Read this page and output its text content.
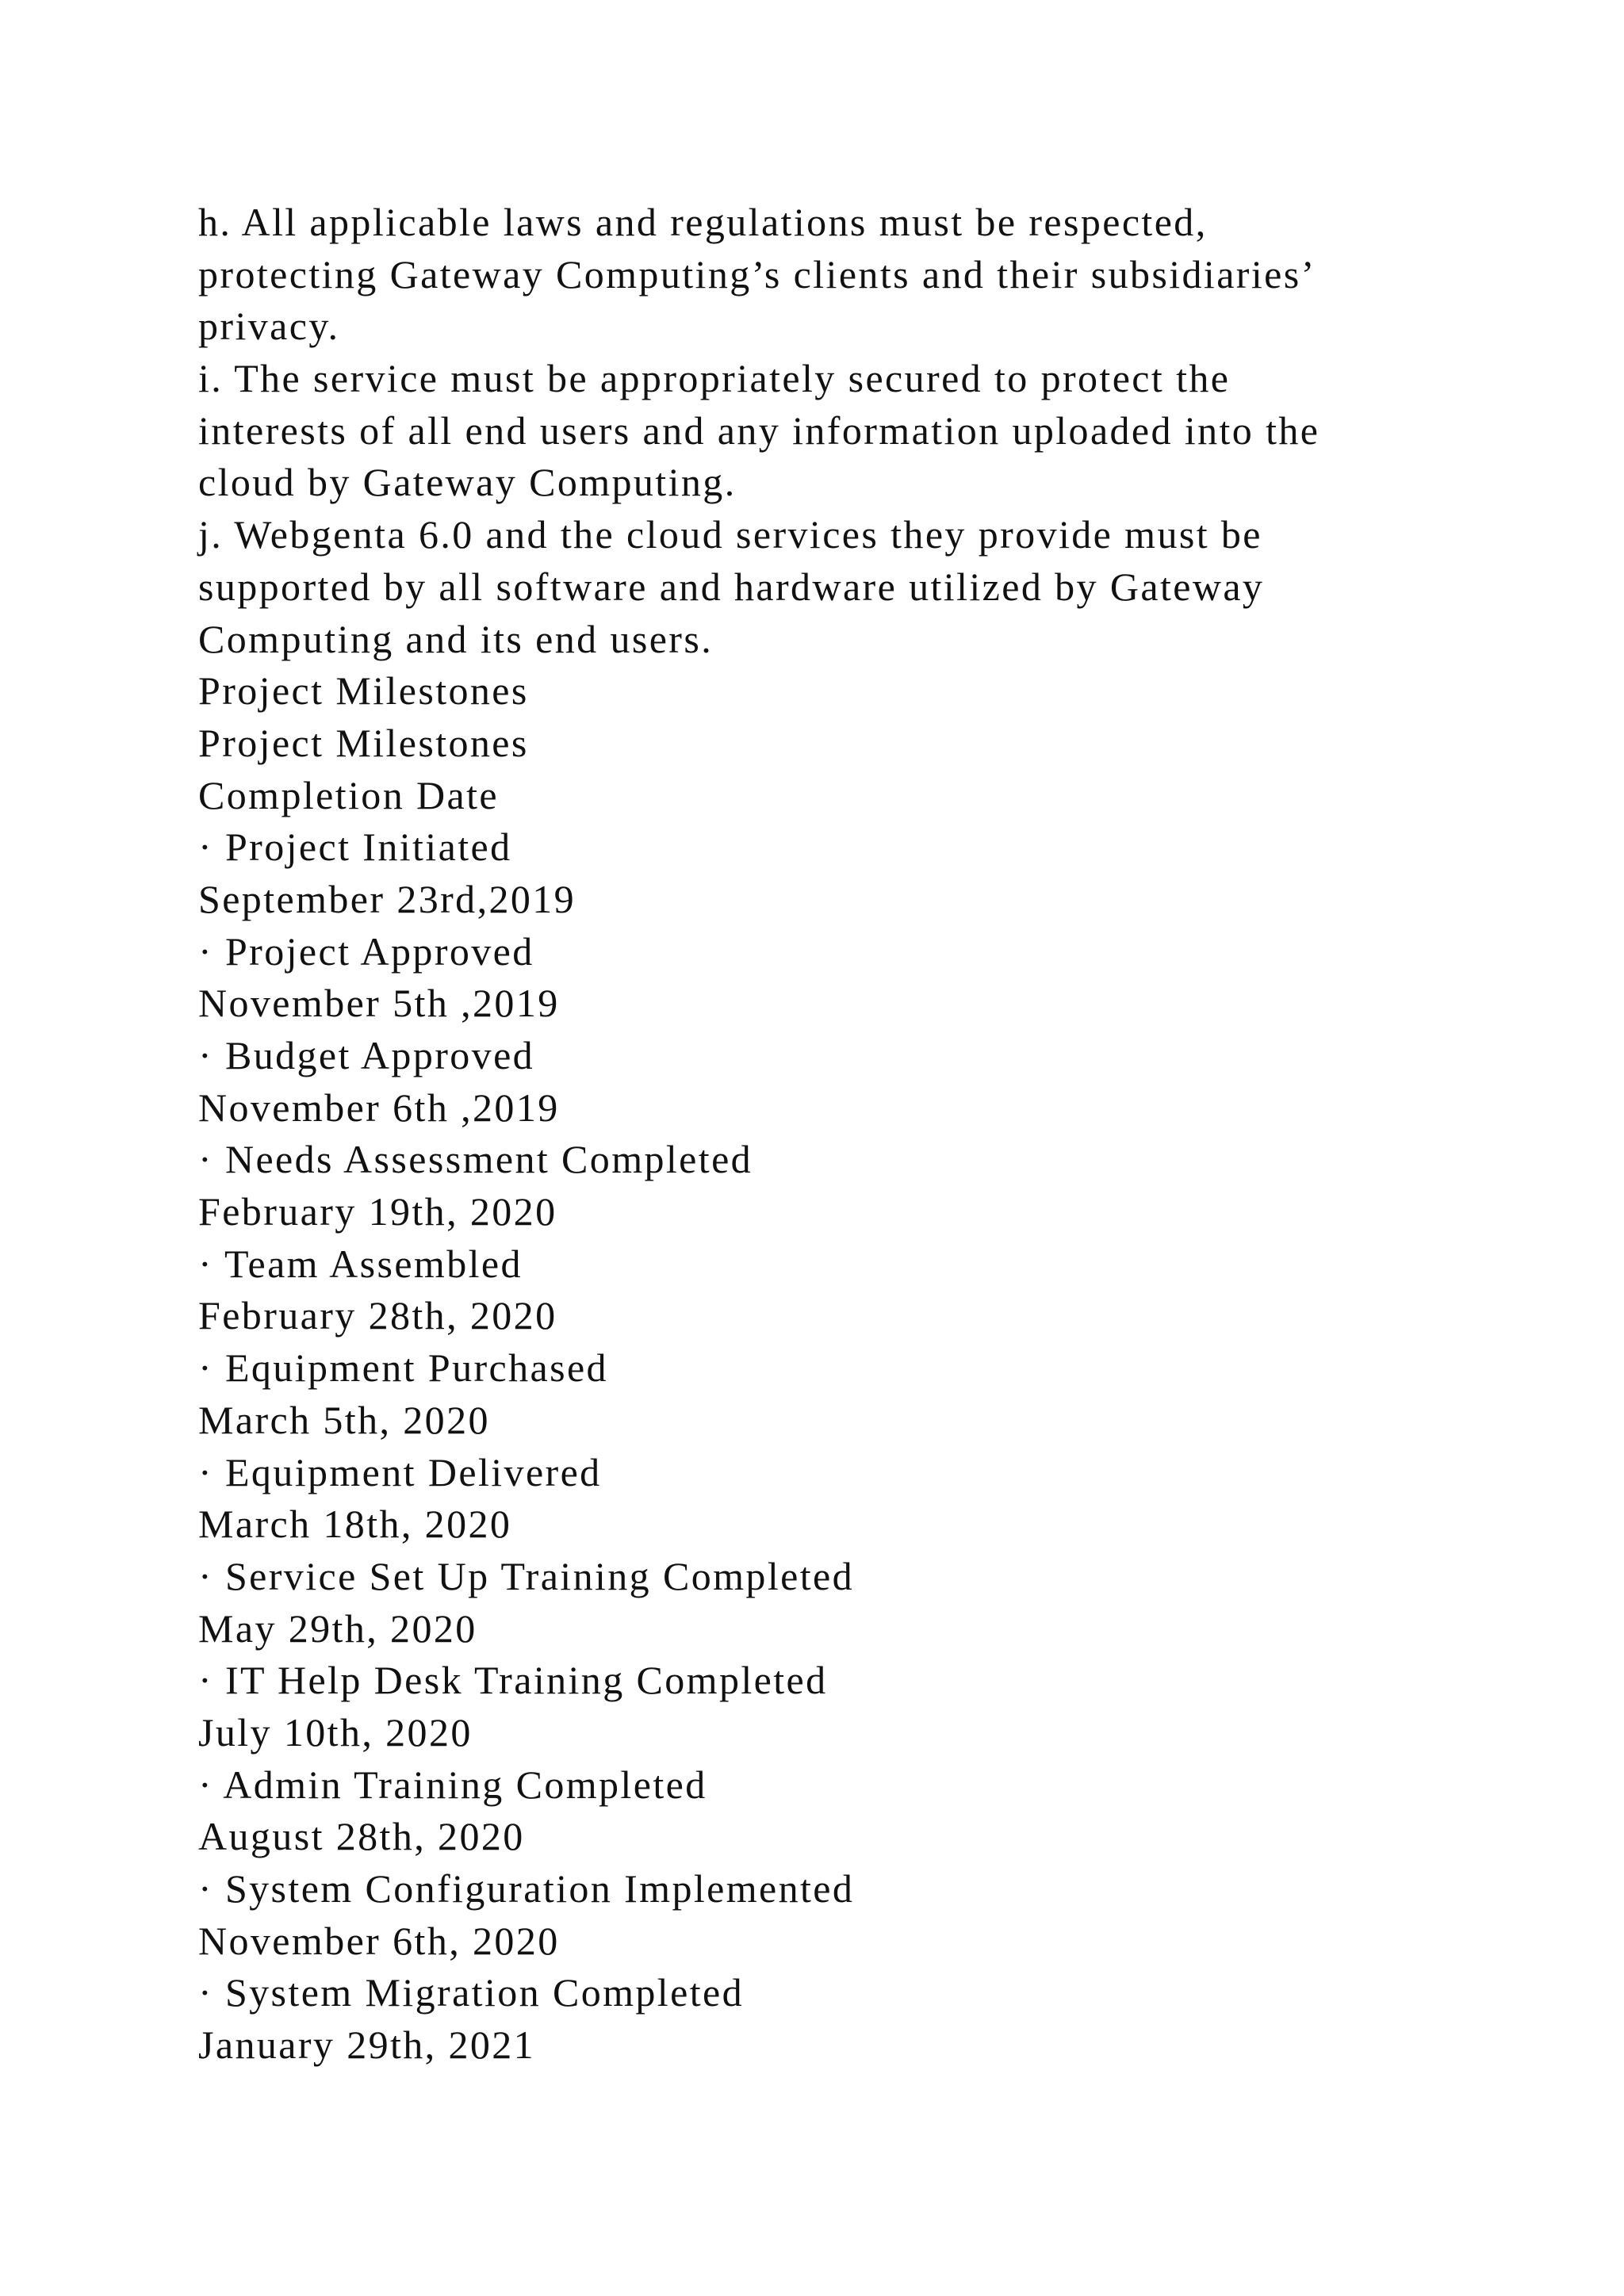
h. All applicable laws and regulations must be respected,
protecting Gateway Computing’s clients and their subsidiaries’
privacy.
i. The service must be appropriately secured to protect the
interests of all end users and any information uploaded into the
cloud by Gateway Computing.
j. Webgenta 6.0 and the cloud services they provide must be
supported by all software and hardware utilized by Gateway
Computing and its end users.
Project Milestones
Project Milestones
Completion Date
· Project Initiated
September 23rd,2019
· Project Approved
November 5th ,2019
· Budget Approved
November 6th ,2019
· Needs Assessment Completed
February 19th, 2020
· Team Assembled
February 28th, 2020
· Equipment Purchased
March 5th, 2020
· Equipment Delivered
March 18th, 2020
· Service Set Up Training Completed
May 29th, 2020
· IT Help Desk Training Completed
July 10th, 2020
· Admin Training Completed
August 28th, 2020
· System Configuration Implemented
November 6th, 2020
· System Migration Completed
January 29th, 2021
